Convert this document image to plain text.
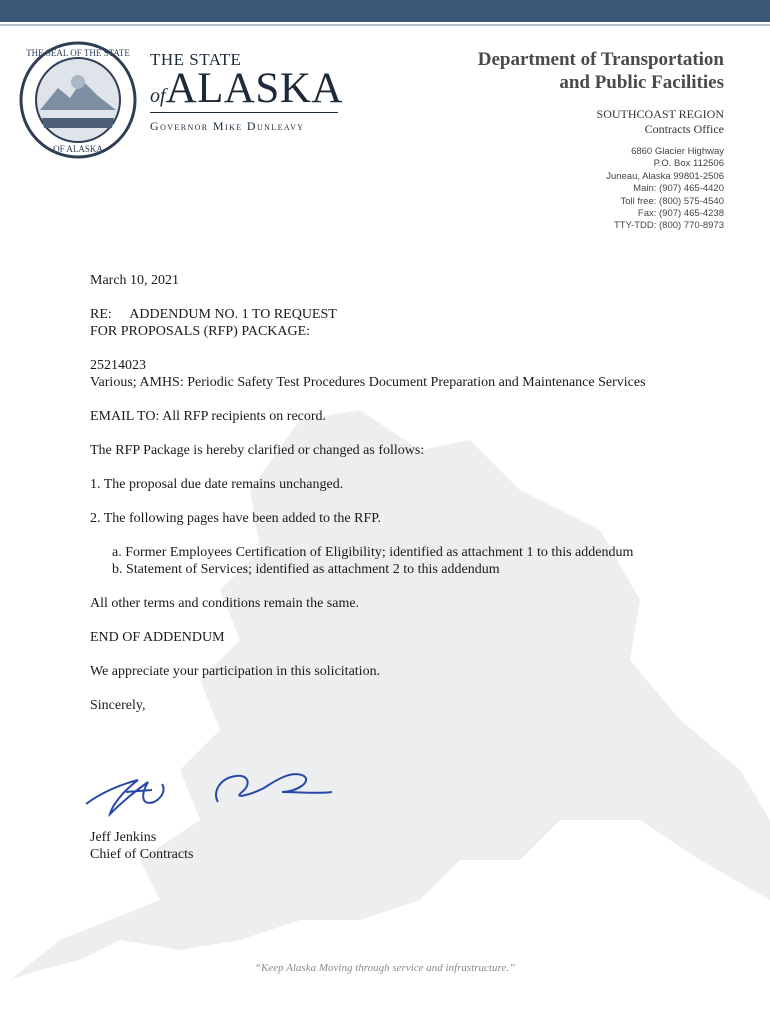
THE SEAL OF THE STATE
OF ALASKA
THE STATE
ofALASKA
Governor Mike Dunleavy
Department of Transportation
and Public Facilities
SOUTHCOAST REGION
Contracts Office
6860 Glacier Highway
P.O. Box 112506
Juneau, Alaska 99801-2506
Main: (907) 465-4420
Toll free: (800) 575-4540
Fax: (907) 465-4238
TTY-TDD: (800) 770-8973

March 10, 2021

RE: ADDENDUM NO. 1 TO REQUEST
FOR PROPOSALS (RFP) PACKAGE:

25214023
Various; AMHS: Periodic Safety Test Procedures Document Preparation and Maintenance Services

EMAIL TO: All RFP recipients on record.

The RFP Package is hereby clarified or changed as follows:

1. The proposal due date remains unchanged.

2. The following pages have been added to the RFP.

a. Former Employees Certification of Eligibility; identified as attachment 1 to this addendum
b. Statement of Services; identified as attachment 2 to this addendum

All other terms and conditions remain the same.

END OF ADDENDUM

We appreciate your participation in this solicitation.

Sincerely,

Jeff Jenkins
Chief of Contracts
“Keep Alaska Moving through service and infrastructure.”
